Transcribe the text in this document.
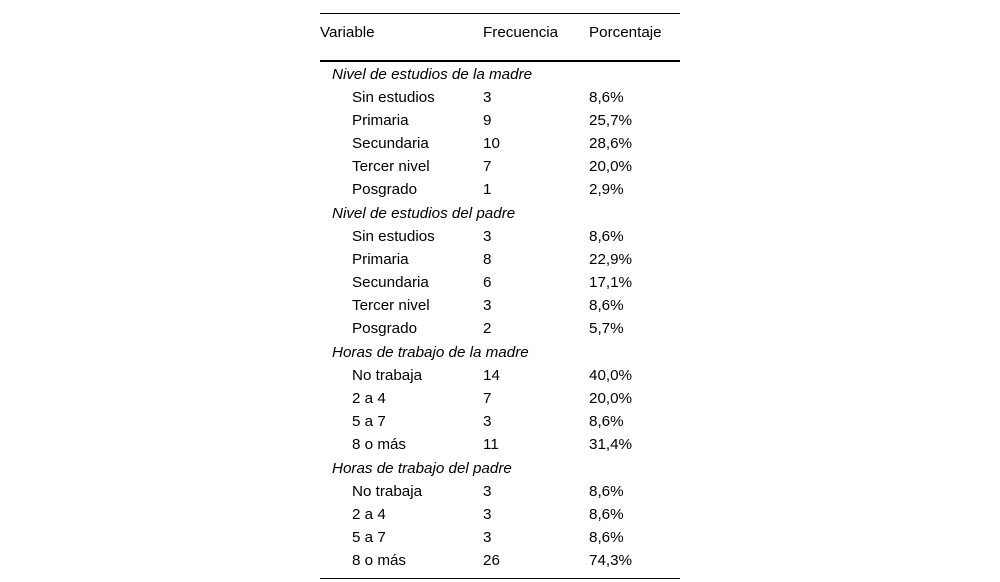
Variable	Frecuencia	Porcentaje
Nivel de estudios de la madre		
Sin estudios	3	8,6%
Primaria	9	25,7%
Secundaria	10	28,6%
Tercer nivel	7	20,0%
Posgrado	1	2,9%
Nivel de estudios del padre		
Sin estudios	3	8,6%
Primaria	8	22,9%
Secundaria	6	17,1%
Tercer nivel	3	8,6%
Posgrado	2	5,7%
Horas de trabajo de la madre		
No trabaja	14	40,0%
2 a 4	7	20,0%
5 a 7	3	8,6%
8 o más	11	31,4%
Horas de trabajo del padre		
No trabaja	3	8,6%
2 a 4	3	8,6%
5 a 7	3	8,6%
8 o más	26	74,3%
